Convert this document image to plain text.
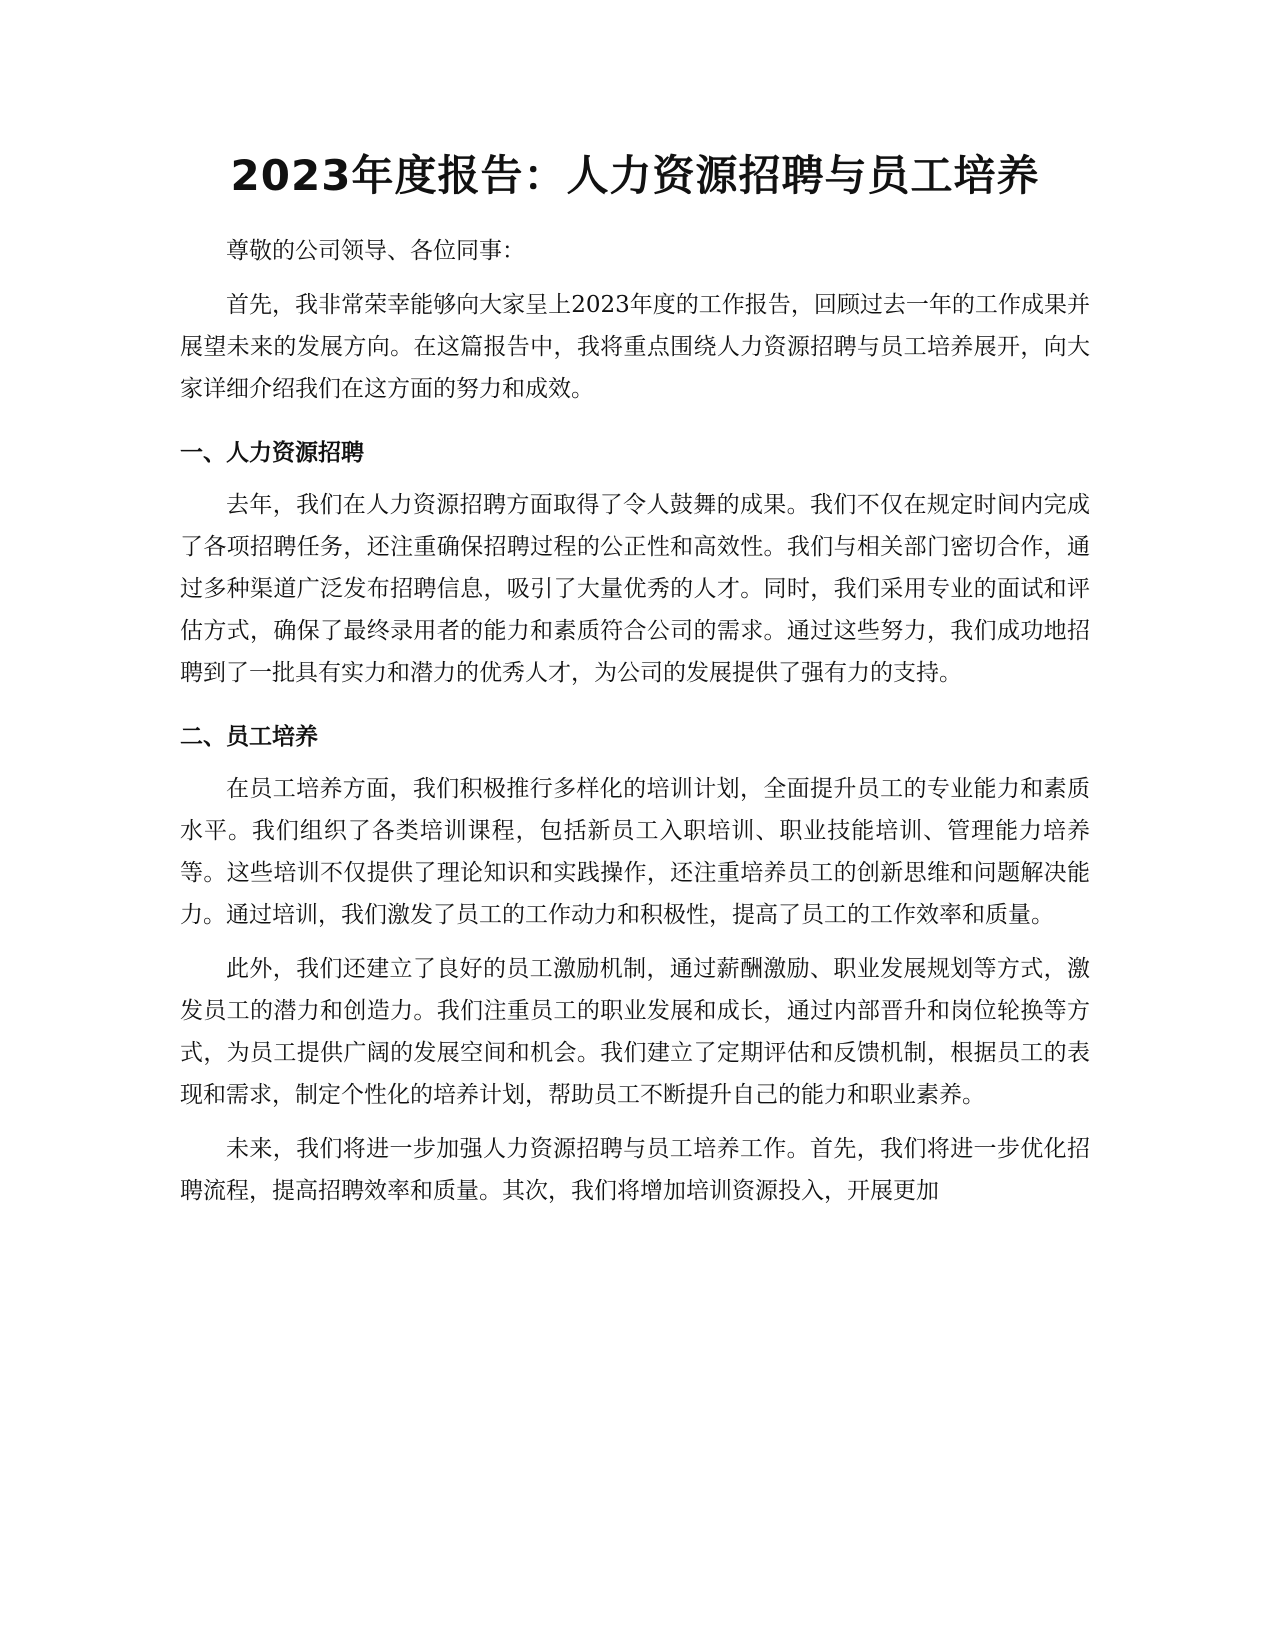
2023年度报告：人力资源招聘与员工培养

尊敬的公司领导、各位同事：

首先，我非常荣幸能够向大家呈上2023年度的工作报告，回顾过去一年的工作成果并展望未来的发展方向。在这篇报告中，我将重点围绕人力资源招聘与员工培养展开，向大家详细介绍我们在这方面的努力和成效。

一、人力资源招聘

去年，我们在人力资源招聘方面取得了令人鼓舞的成果。我们不仅在规定时间内完成了各项招聘任务，还注重确保招聘过程的公正性和高效性。我们与相关部门密切合作，通过多种渠道广泛发布招聘信息，吸引了大量优秀的人才。同时，我们采用专业的面试和评估方式，确保了最终录用者的能力和素质符合公司的需求。通过这些努力，我们成功地招聘到了一批具有实力和潜力的优秀人才，为公司的发展提供了强有力的支持。

二、员工培养

在员工培养方面，我们积极推行多样化的培训计划，全面提升员工的专业能力和素质水平。我们组织了各类培训课程，包括新员工入职培训、职业技能培训、管理能力培养等。这些培训不仅提供了理论知识和实践操作，还注重培养员工的创新思维和问题解决能力。通过培训，我们激发了员工的工作动力和积极性，提高了员工的工作效率和质量。

此外，我们还建立了良好的员工激励机制，通过薪酬激励、职业发展规划等方式，激发员工的潜力和创造力。我们注重员工的职业发展和成长，通过内部晋升和岗位轮换等方式，为员工提供广阔的发展空间和机会。我们建立了定期评估和反馈机制，根据员工的表现和需求，制定个性化的培养计划，帮助员工不断提升自己的能力和职业素养。

未来，我们将进一步加强人力资源招聘与员工培养工作。首先，我们将进一步优化招聘流程，提高招聘效率和质量。其次，我们将增加培训资源投入，开展更加
